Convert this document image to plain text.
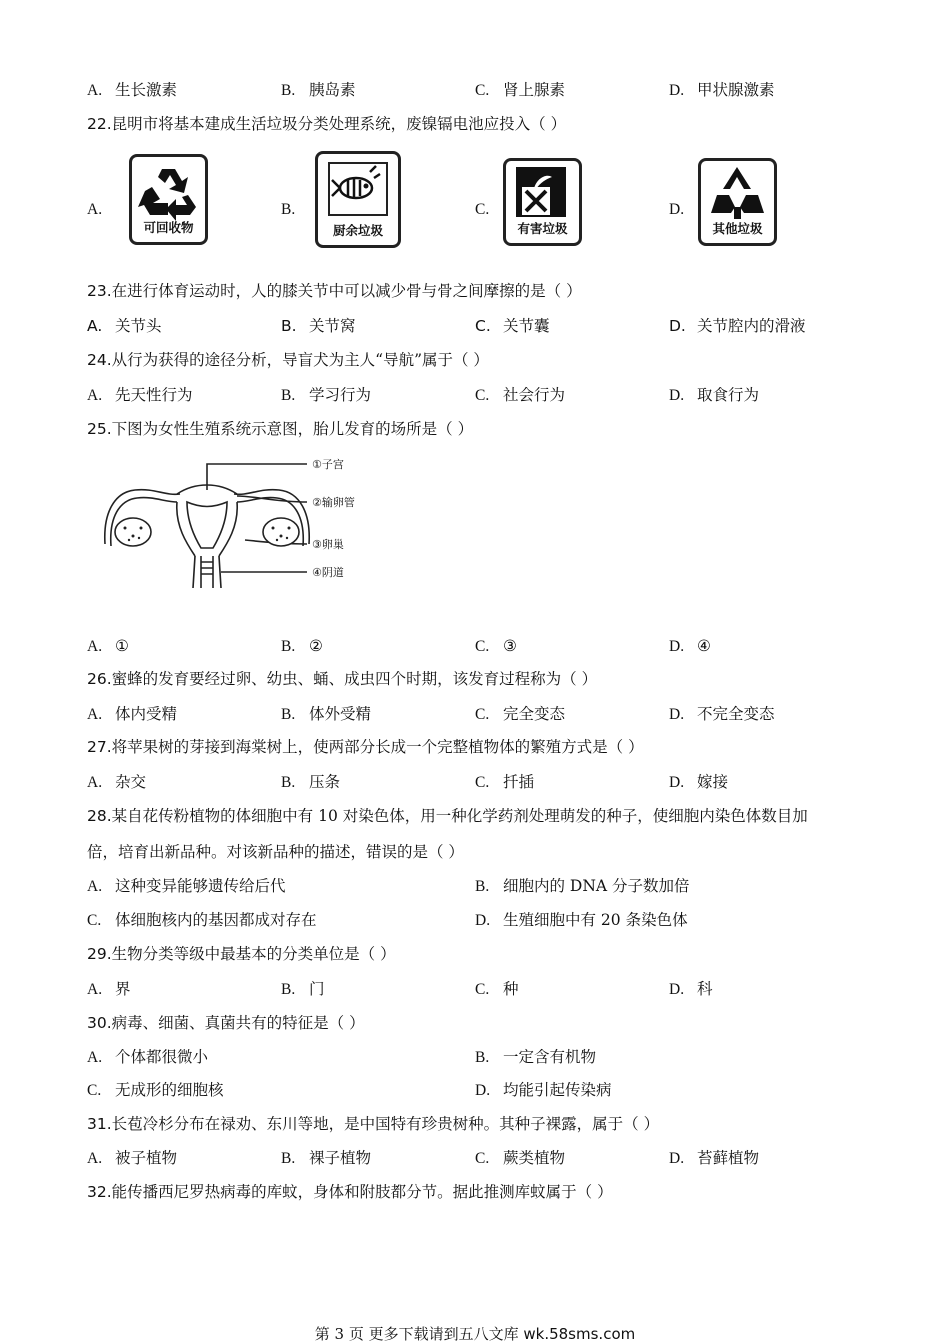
A. 生长激素	B. 胰岛素	C. 肾上腺素	D. 甲状腺激素
22.昆明市将基本建成生活垃圾分类处理系统，废镍镉电池应投入（ ）
A.
可回收物
B.
厨余垃圾
C.
有害垃圾
D.
其他垃圾
23.在进行体育运动时，人的膝关节中可以减少骨与骨之间摩擦的是（ ）
A. 关节头	B. 关节窝	C. 关节囊	D. 关节腔内的滑液
24.从行为获得的途径分析，导盲犬为主人“导航”属于（ ）
A. 先天性行为	B. 学习行为	C. 社会行为	D. 取食行为
25.下图为女性生殖系统示意图，胎儿发育的场所是（ ）
①子宫
②输卵管
③卵巢
④阴道
A. ①	B. ②	C. ③	D. ④
26.蜜蜂的发育要经过卵、幼虫、蛹、成虫四个时期，该发育过程称为（ ）
A. 体内受精	B. 体外受精	C. 完全变态	D. 不完全变态
27.将苹果树的芽接到海棠树上，使两部分长成一个完整植物体的繁殖方式是（ ）
A. 杂交	B. 压条	C. 扦插	D. 嫁接
28.某自花传粉植物的体细胞中有 10 对染色体，用一种化学药剂处理萌发的种子，使细胞内染色体数目加
倍，培育出新品种。对该新品种的描述，错误的是（ ）
A. 这种变异能够遗传给后代	B. 细胞内的 DNA 分子数加倍
C. 体细胞核内的基因都成对存在	D. 生殖细胞中有 20 条染色体
29.生物分类等级中最基本的分类单位是（ ）
A. 界	B. 门	C. 种	D. 科
30.病毒、细菌、真菌共有的特征是（ ）
A. 个体都很微小	B. 一定含有机物
C. 无成形的细胞核	D. 均能引起传染病
31.长苞冷杉分布在禄劝、东川等地，是中国特有珍贵树种。其种子裸露，属于（ ）
A. 被子植物	B. 裸子植物	C. 蕨类植物	D. 苔藓植物
32.能传播西尼罗热病毒的库蚊，身体和附肢都分节。据此推测库蚊属于（ ）
第 3 页 更多下载请到五八文库 wk.58sms.com
